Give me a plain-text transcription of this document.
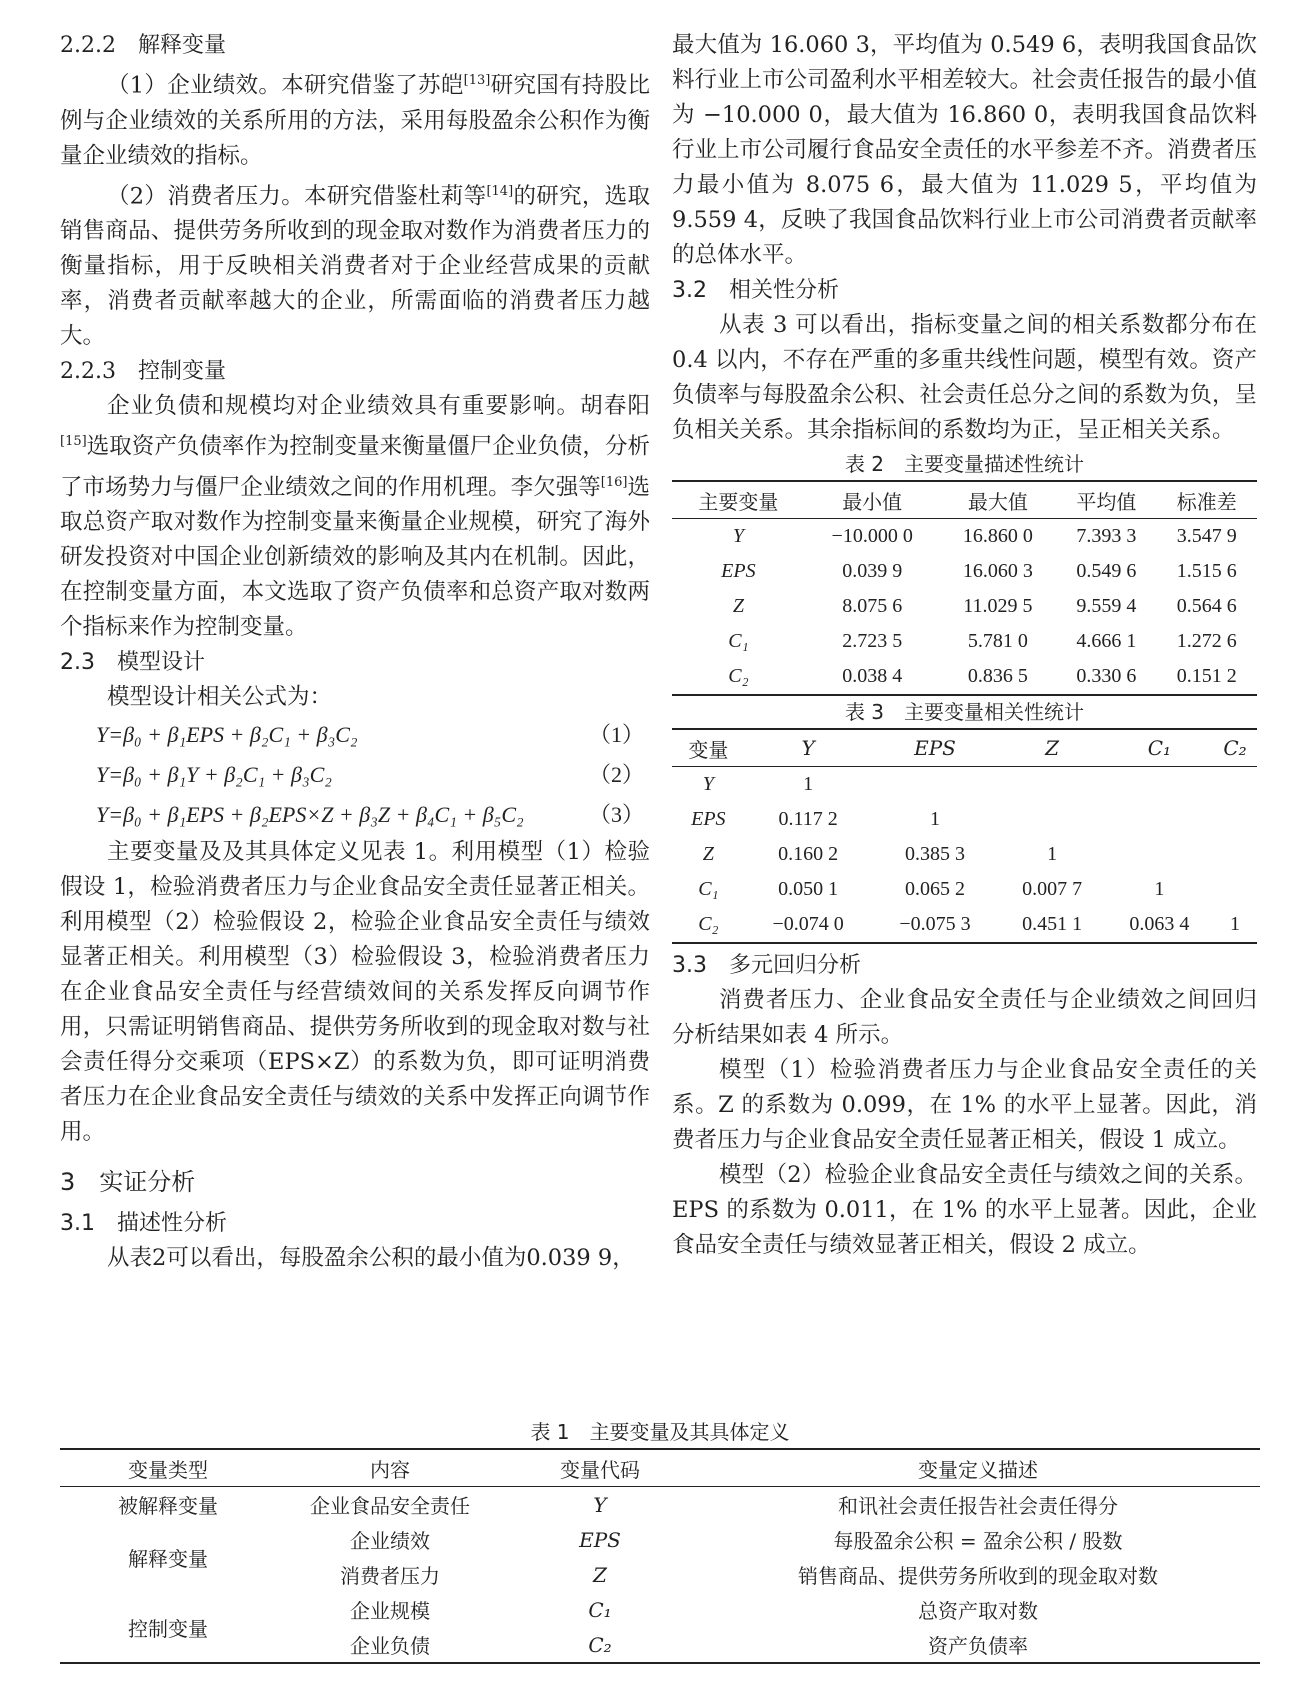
2.2.2　解释变量

（1）企业绩效。本研究借鉴了苏皑[13]研究国有持股比例与企业绩效的关系所用的方法，采用每股盈余公积作为衡量企业绩效的指标。

（2）消费者压力。本研究借鉴杜莉等[14]的研究，选取销售商品、提供劳务所收到的现金取对数作为消费者压力的衡量指标，用于反映相关消费者对于企业经营成果的贡献率，消费者贡献率越大的企业，所需面临的消费者压力越大。

2.2.3　控制变量

企业负债和规模均对企业绩效具有重要影响。胡春阳[15]选取资产负债率作为控制变量来衡量僵尸企业负债，分析了市场势力与僵尸企业绩效之间的作用机理。李欠强等[16]选取总资产取对数作为控制变量来衡量企业规模，研究了海外研发投资对中国企业创新绩效的影响及其内在机制。因此，在控制变量方面，本文选取了资产负债率和总资产取对数两个指标来作为控制变量。

2.3　模型设计

模型设计相关公式为：

Y=β₀ + β₁EPS + β₂C₁ + β₃C₂	（1）
Y=β₀ + β₁Y + β₂C₁ + β₃C₂	（2）
Y=β₀ + β₁EPS + β₂EPS×Z + β₃Z + β₄C₁ + β₅C₂	（3）

主要变量及及其具体定义见表 1。利用模型（1）检验假设 1，检验消费者压力与企业食品安全责任显著正相关。利用模型（2）检验假设 2，检验企业食品安全责任与绩效显著正相关。利用模型（3）检验假设 3，检验消费者压力在企业食品安全责任与经营绩效间的关系发挥反向调节作用，只需证明销售商品、提供劳务所收到的现金取对数与社会责任得分交乘项（EPS×Z）的系数为负，即可证明消费者压力在企业食品安全责任与绩效的关系中发挥正向调节作用。

3　实证分析

3.1　描述性分析

从表2可以看出，每股盈余公积的最小值为0.039 9，

最大值为 16.060 3，平均值为 0.549 6，表明我国食品饮料行业上市公司盈利水平相差较大。社会责任报告的最小值为 −10.000 0，最大值为 16.860 0，表明我国食品饮料行业上市公司履行食品安全责任的水平参差不齐。消费者压力最小值为 8.075 6，最大值为 11.029 5，平均值为 9.559 4，反映了我国食品饮料行业上市公司消费者贡献率的总体水平。

3.2　相关性分析

从表 3 可以看出，指标变量之间的相关系数都分布在 0.4 以内，不存在严重的多重共线性问题，模型有效。资产负债率与每股盈余公积、社会责任总分之间的系数为负，呈负相关关系。其余指标间的系数均为正，呈正相关关系。

表 2　主要变量描述性统计

主要变量	最小值	最大值	平均值	标准差
Y	−10.000 0	16.860 0	7.393 3	3.547 9
EPS	0.039 9	16.060 3	0.549 6	1.515 6
Z	8.075 6	11.029 5	9.559 4	0.564 6
C₁	2.723 5	5.781 0	4.666 1	1.272 6
C₂	0.038 4	0.836 5	0.330 6	0.151 2

表 3　主要变量相关性统计

变量	Y	EPS	Z	C₁	C₂
Y	1				
EPS	0.117 2	1			
Z	0.160 2	0.385 3	1		
C₁	0.050 1	0.065 2	0.007 7	1	
C₂	−0.074 0	−0.075 3	0.451 1	0.063 4	1

3.3　多元回归分析

消费者压力、企业食品安全责任与企业绩效之间回归分析结果如表 4 所示。

模型（1）检验消费者压力与企业食品安全责任的关系。Z 的系数为 0.099，在 1% 的水平上显著。因此，消费者压力与企业食品安全责任显著正相关，假设 1 成立。

模型（2）检验企业食品安全责任与绩效之间的关系。EPS 的系数为 0.011，在 1% 的水平上显著。因此，企业食品安全责任与绩效显著正相关，假设 2 成立。

表 1　主要变量及其具体定义

变量类型	内容	变量代码	变量定义描述
被解释变量	企业食品安全责任	Y	和讯社会责任报告社会责任得分
解释变量	企业绩效	EPS	每股盈余公积 = 盈余公积 / 股数
	消费者压力	Z	销售商品、提供劳务所收到的现金取对数
控制变量	企业规模	C₁	总资产取对数
	企业负债	C₂	资产负债率
